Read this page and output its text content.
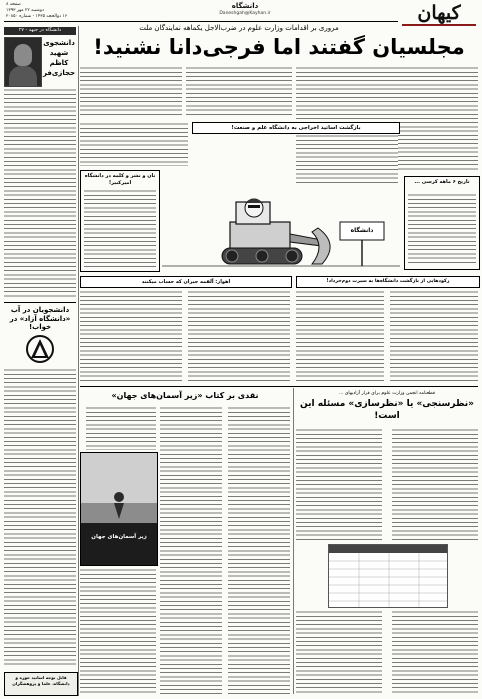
کیهان
دانشگاه
Daneshgah@Kayhan.ir
صفحه ۸
دوشنبه ۲۲ مهر ۱۳۹۳
۱۶ ذوالحجه ۱۴۳۵ - شماره ۲۰۸۵۰
دانشگاه در جبهه - ۲۷
دانشجوی شهید کاظم حجازی‌فر
دانشجویان در آب «دانشگاه آزاد» در خواب!
قابل توجه اساتید حوزه و دانشگاه، علما و پژوهشگران
مروری بر اقدامات وزارت علوم در ضرب‌الاجل یکماهه نمایندگان ملت
مجلسیان گفتند اما فرجی‌دانا نشنید!
بازگشت اساتید اخراجی به دانشگاه علم و صنعت!
تاریخ ۶ ماهه کرسی ...
نان و نشر و کلمه در دانشگاه امیرکبیر!
دانشگاه
اهواز: آلقمه جیران که حساب میکنند	رکودهایی از بازگشت دانشگاه‌ها به سیرت دوم‌خرداد!
نقدی بر کتاب «زیر آسمان‌های جهان»
زیر آسمان‌های جهان
قطعنامه انجمن وزارت علوم برای قرار آزادیهای ...
«نظرسنجی» یا «نظرسازی» مسئله این است!
